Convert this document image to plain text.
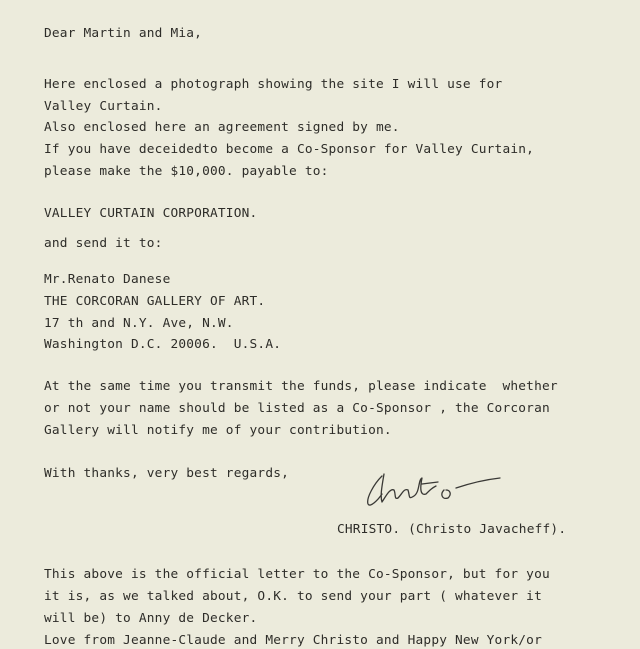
Dear Martin and Mia,
Here enclosed a photograph showing the site I will use for
Valley Curtain.
Also enclosed here an agreement signed by me.
If you have deceidedto become a Co-Sponsor for Valley Curtain,
please make the $10,000. payable to:
VALLEY CURTAIN CORPORATION.
and send it to:
Mr.Renato Danese
THE CORCORAN GALLERY OF ART.
17 th and N.Y. Ave, N.W.
Washington D.C. 20006.  U.S.A.
At the same time you transmit the funds, please indicate  whether
or not your name should be listed as a Co-Sponsor , the Corcoran
Gallery will notify me of your contribution.
With thanks, very best regards,
CHRISTO. (Christo Javacheff).
This above is the official letter to the Co-Sponsor, but for you
it is, as we talked about, O.K. to send your part ( whatever it
will be) to Anny de Decker.
Love from Jeanne-Claude and Merry Christo and Happy New York/or
